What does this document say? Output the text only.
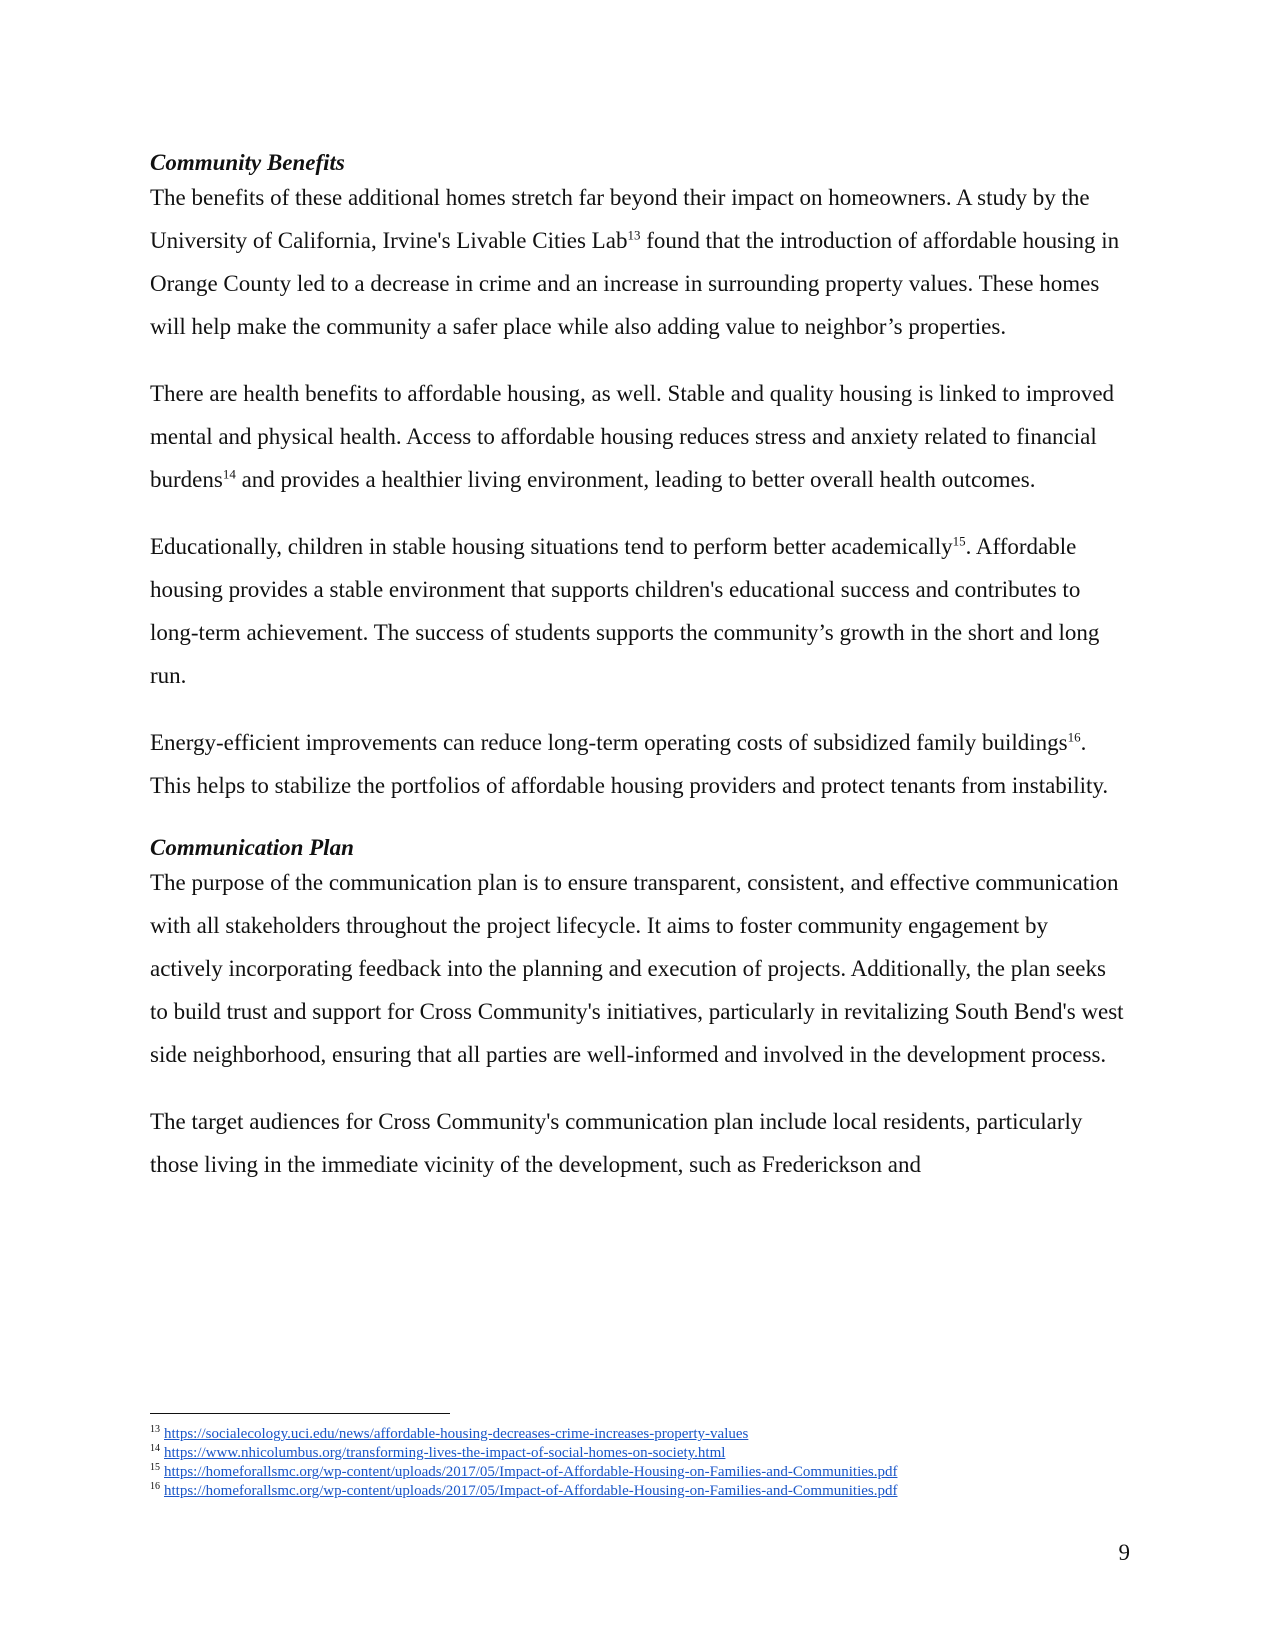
Community Benefits

The benefits of these additional homes stretch far beyond their impact on homeowners. A study by the University of California, Irvine's Livable Cities Lab$^{13}$ found that the introduction of affordable housing in Orange County led to a decrease in crime and an increase in surrounding property values. These homes will help make the community a safer place while also adding value to neighbor’s properties.

There are health benefits to affordable housing, as well. Stable and quality housing is linked to improved mental and physical health. Access to affordable housing reduces stress and anxiety related to financial burdens$^{14}$ and provides a healthier living environment, leading to better overall health outcomes.

Educationally, children in stable housing situations tend to perform better academically$^{15}$. Affordable housing provides a stable environment that supports children's educational success and contributes to long-term achievement. The success of students supports the community’s growth in the short and long run.

Energy-efficient improvements can reduce long-term operating costs of subsidized family buildings$^{16}$. This helps to stabilize the portfolios of affordable housing providers and protect tenants from instability.

Communication Plan

The purpose of the communication plan is to ensure transparent, consistent, and effective communication with all stakeholders throughout the project lifecycle. It aims to foster community engagement by actively incorporating feedback into the planning and execution of projects. Additionally, the plan seeks to build trust and support for Cross Community's initiatives, particularly in revitalizing South Bend's west side neighborhood, ensuring that all parties are well-informed and involved in the development process.

The target audiences for Cross Community's communication plan include local residents, particularly those living in the immediate vicinity of the development, such as Frederickson and

$^{13}$ https://socialecology.uci.edu/news/affordable-housing-decreases-crime-increases-property-values
$^{14}$ https://www.nhicolumbus.org/transforming-lives-the-impact-of-social-homes-on-society.html
$^{15}$ https://homeforallsmc.org/wp-content/uploads/2017/05/Impact-of-Affordable-Housing-on-Families-and-Communities.pdf
$^{16}$ https://homeforallsmc.org/wp-content/uploads/2017/05/Impact-of-Affordable-Housing-on-Families-and-Communities.pdf
9
